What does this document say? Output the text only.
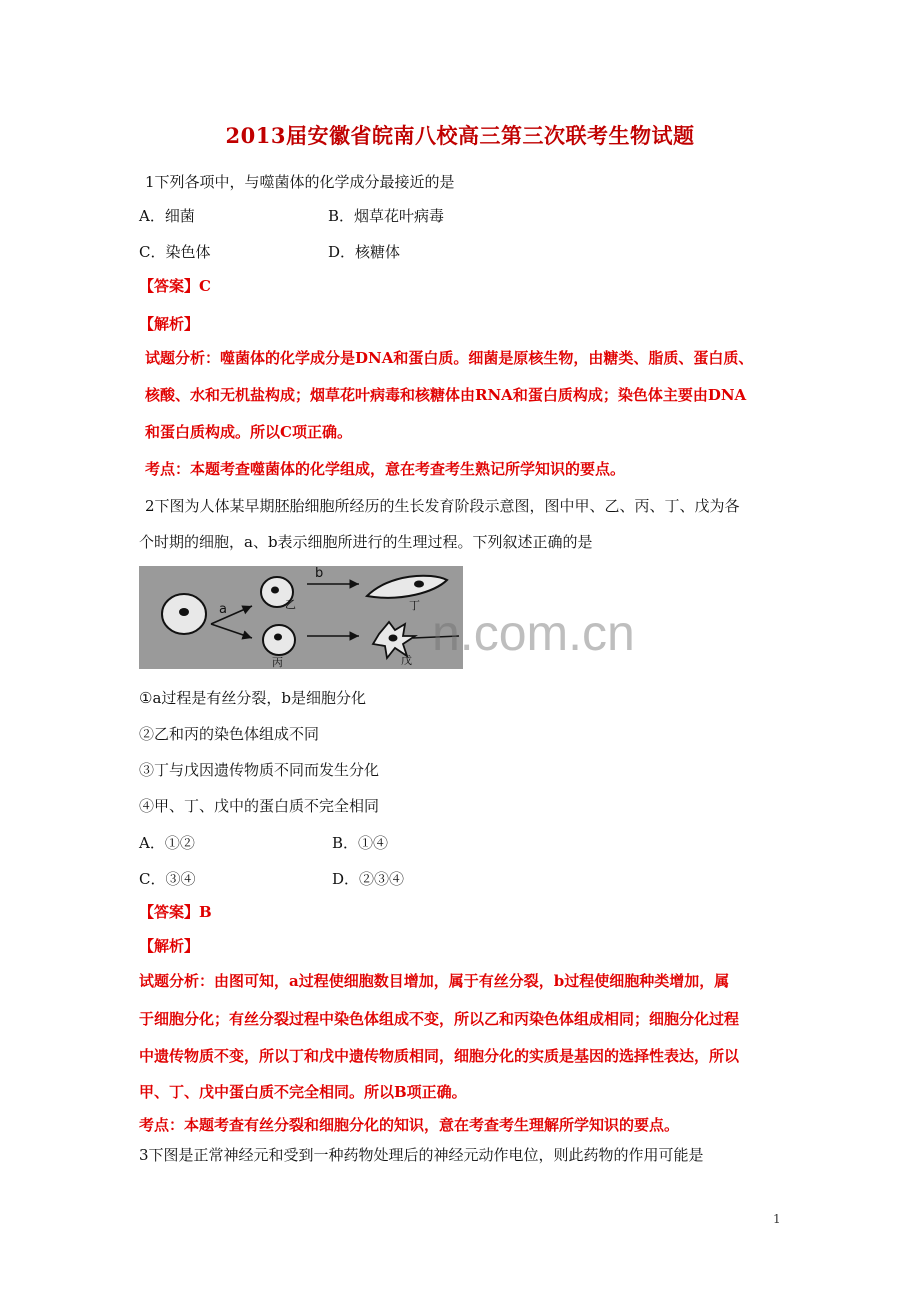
2013届安徽省皖南八校高三第三次联考生物试题
1下列各项中，与噬菌体的化学成分最接近的是
A．细菌	B．烟草花叶病毒
C．染色体	D．核糖体
【答案】C
【解析】
试题分析：噬菌体的化学成分是DNA和蛋白质。细菌是原核生物，由糖类、脂质、蛋白质、
核酸、水和无机盐构成；烟草花叶病毒和核糖体由RNA和蛋白质构成；染色体主要由DNA
和蛋白质构成。所以C项正确。
考点：本题考查噬菌体的化学组成，意在考查考生熟记所学知识的要点。
2下图为人体某早期胚胎细胞所经历的生长发育阶段示意图，图中甲、乙、丙、丁、戊为各
个时期的细胞，a、b表示细胞所进行的生理过程。下列叙述正确的是
a	乙
丙
b
丁
戊 n.com.cn
①a过程是有丝分裂，b是细胞分化
②乙和丙的染色体组成不同
③丁与戊因遗传物质不同而发生分化
④甲、丁、戊中的蛋白质不完全相同
A．①②	B．①④
C．③④	D．②③④
【答案】B
【解析】
试题分析：由图可知，a过程使细胞数目增加，属于有丝分裂，b过程使细胞种类增加，属
于细胞分化；有丝分裂过程中染色体组成不变，所以乙和丙染色体组成相同；细胞分化过程
中遗传物质不变，所以丁和戊中遗传物质相同，细胞分化的实质是基因的选择性表达，所以
甲、丁、戊中蛋白质不完全相同。所以B项正确。
考点：本题考查有丝分裂和细胞分化的知识，意在考查考生理解所学知识的要点。
3下图是正常神经元和受到一种药物处理后的神经元动作电位，则此药物的作用可能是
1
